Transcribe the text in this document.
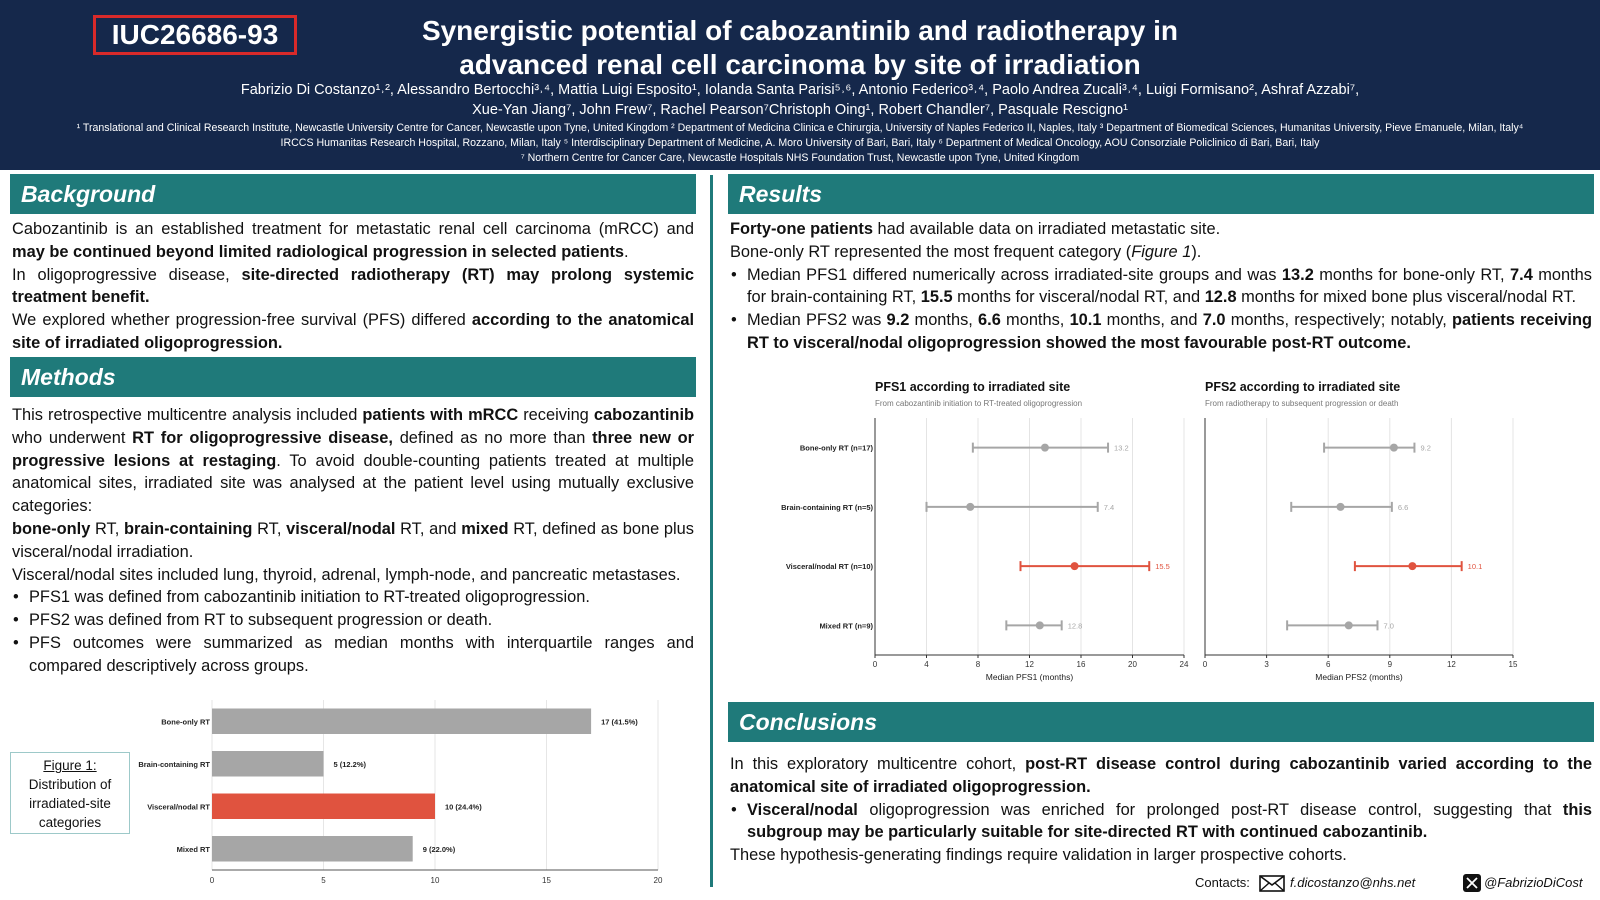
IUC26686-93	Synergistic potential of cabozantinib and radiotherapy in
advanced renal cell carcinoma by site of irradiation
Fabrizio Di Costanzo¹˒², Alessandro Bertocchi³˒⁴, Mattia Luigi Esposito¹, Iolanda Santa Parisi⁵˒⁶, Antonio Federico³˒⁴, Paolo Andrea Zucali³˒⁴, Luigi Formisano², Ashraf Azzabi⁷,
Xue-Yan Jiang⁷, John Frew⁷, Rachel Pearson⁷Christoph Oing¹, Robert Chandler⁷, Pasquale Rescigno¹
¹ Translational and Clinical Research Institute, Newcastle University Centre for Cancer, Newcastle upon Tyne, United Kingdom ² Department of Medicina Clinica e Chirurgia, University of Naples Federico II, Naples, Italy ³ Department of Biomedical Sciences, Humanitas University, Pieve Emanuele, Milan, Italy⁴
IRCCS Humanitas Research Hospital, Rozzano, Milan, Italy ⁵ Interdisciplinary Department of Medicine, A. Moro University of Bari, Bari, Italy ⁶ Department of Medical Oncology, AOU Consorziale Policlinico di Bari, Bari, Italy
⁷ Northern Centre for Cancer Care, Newcastle Hospitals NHS Foundation Trust, Newcastle upon Tyne, United Kingdom
Background

Cabozantinib is an established treatment for metastatic renal cell carcinoma (mRCC) and may be continued beyond limited radiological progression in selected patients.

In oligoprogressive disease, site-directed radiotherapy (RT) may prolong systemic treatment benefit.

We explored whether progression-free survival (PFS) differed according to the anatomical site of irradiated oligoprogression.

Methods

This retrospective multicentre analysis included patients with mRCC receiving cabozantinib who underwent RT for oligoprogressive disease, defined as no more than three new or progressive lesions at restaging. To avoid double-counting patients treated at multiple anatomical sites, irradiated site was analysed at the patient level using mutually exclusive categories:

bone-only RT, brain-containing RT, visceral/nodal RT, and mixed RT, defined as bone plus visceral/nodal irradiation.

Visceral/nodal sites included lung, thyroid, adrenal, lymph-node, and pancreatic metastases.

• PFS1 was defined from cabozantinib initiation to RT-treated oligoprogression.
• PFS2 was defined from RT to subsequent progression or death.
• PFS outcomes were summarized as median months with interquartile ranges and compared descriptively across groups.
Figure 1:
Distribution of irradiated-site categories
0	5	10	15	20
Bone-only RT	17 (41.5%)
Brain-containing RT	5 (12.2%)
Visceral/nodal RT	10 (24.4%)
Mixed RT	9 (22.0%)
Results

Forty-one patients had available data on irradiated metastatic site.

Bone-only RT represented the most frequent category (Figure 1).

• Median PFS1 differed numerically across irradiated-site groups and was 13.2 months for bone-only RT, 7.4 months for brain-containing RT, 15.5 months for visceral/nodal RT, and 12.8 months for mixed bone plus visceral/nodal RT.
• Median PFS2 was 9.2 months, 6.6 months, 10.1 months, and 7.0 months, respectively; notably, patients receiving RT to visceral/nodal oligoprogression showed the most favourable post-RT outcome.
PFS1 according to irradiated site
From cabozantinib initiation to RT-treated oligoprogression
0	4	8	12	16	20	24
Median PFS1 (months)
Bone-only RT (n=17)	13.2
Brain-containing RT (n=5)	7.4
Visceral/nodal RT (n=10)	15.5
Mixed RT (n=9)	12.8
PFS2 according to irradiated site
From radiotherapy to subsequent progression or death
0	3	6	9	12	15
Median PFS2 (months)
9.2
6.6
10.1
7.0
Conclusions

In this exploratory multicentre cohort, post-RT disease control during cabozantinib varied according to the anatomical site of irradiated oligoprogression.

• Visceral/nodal oligoprogression was enriched for prolonged post-RT disease control, suggesting that this subgroup may be particularly suitable for site-directed RT with continued cabozantinib.

These hypothesis-generating findings require validation in larger prospective cohorts.

Contacts:	f.dicostanzo@nhs.net	@FabrizioDiCost
